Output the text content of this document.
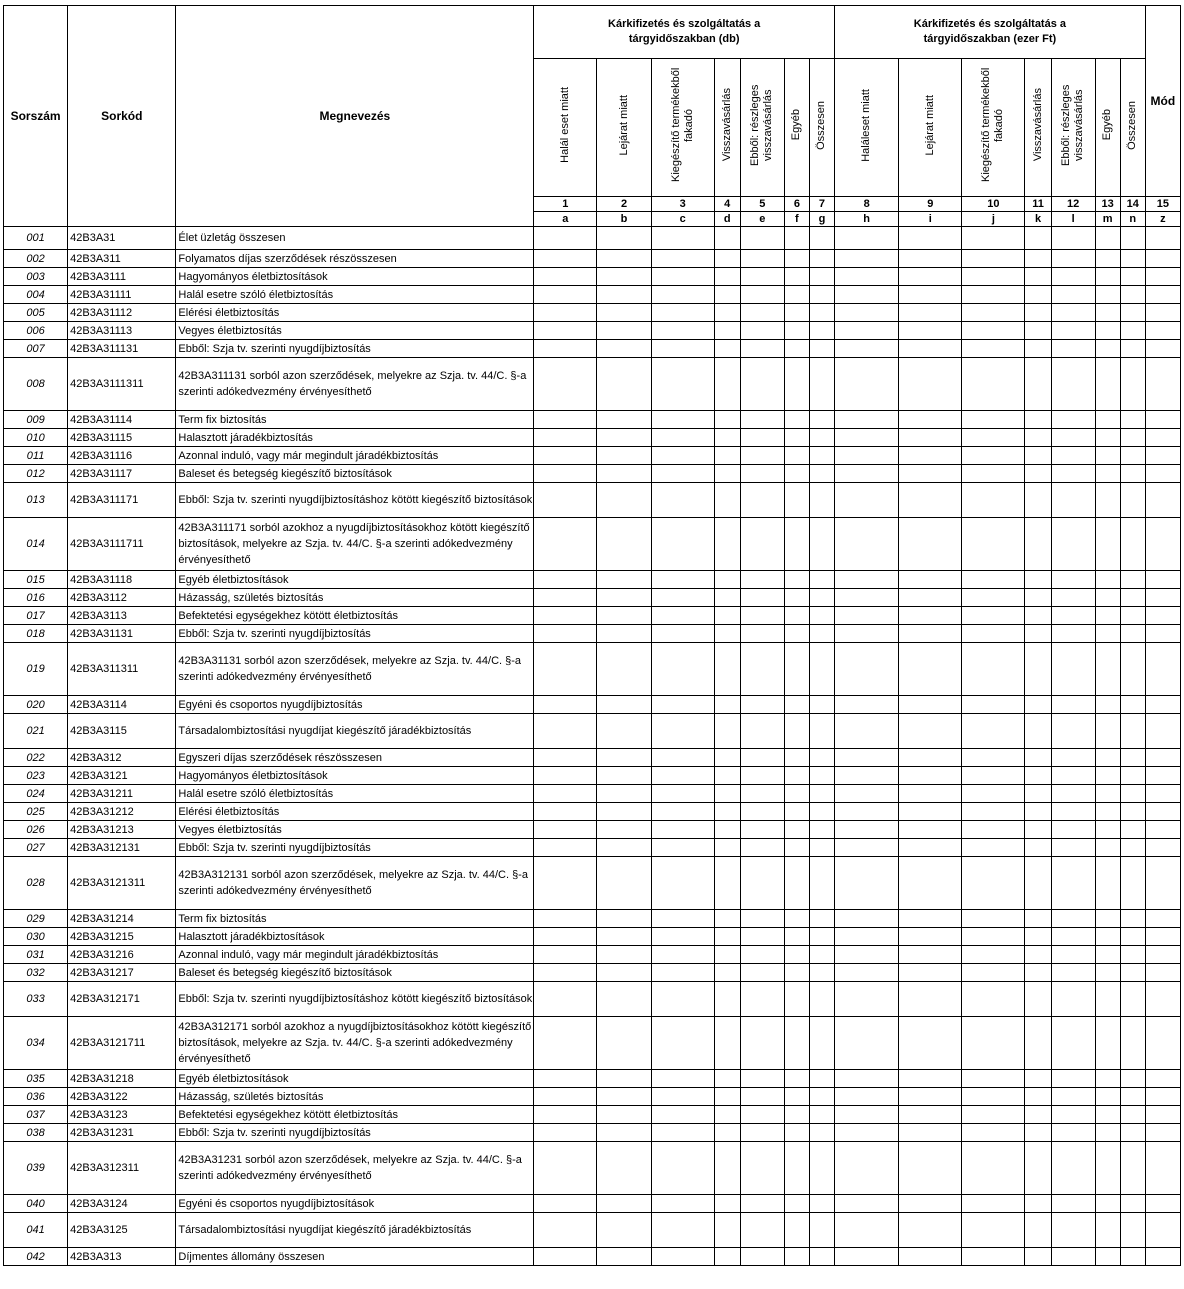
Sorszám	Sorkód	Megnevezés	Kárkifizetés és szolgáltatás a tárgyidőszakban (db)							Kárkifizetés és szolgáltatás a tárgyidőszakban (ezer Ft)							Mód
			Halál eset miatt	Lejárat miatt	Kiegészítő termékekből fakadó	Visszavásárlás	Ebből: részleges visszavásárlás	Egyéb	Összesen	Haláleset miatt	Lejárat miatt	Kiegészítő termékekből fakadó	Visszavásárlás	Ebből: részleges visszavásárlás	Egyéb	Összesen	
			1	2	3	4	5	6	7	8	9	10	11	12	13	14	15
			a	b	c	d	e	f	g	h	i	j	k	l	m	n	z
001	42B3A31	Élet üzletág összesen															
002	42B3A311	Folyamatos díjas szerződések részösszesen															
003	42B3A3111	Hagyományos életbiztosítások															
004	42B3A31111	Halál esetre szóló életbiztosítás															
005	42B3A31112	Elérési életbiztosítás															
006	42B3A31113	Vegyes életbiztosítás															
007	42B3A311131	Ebből: Szja tv. szerinti nyugdíjbiztosítás															
008	42B3A3111311	42B3A311131 sorból azon szerződések, melyekre az Szja. tv. 44/C. §-a szerinti adókedvezmény érvényesíthető															
009	42B3A31114	Term fix biztosítás															
010	42B3A31115	Halasztott járadékbiztosítás															
011	42B3A31116	Azonnal induló, vagy már megindult járadékbiztosítás															
012	42B3A31117	Baleset és betegség kiegészítő biztosítások															
013	42B3A311171	Ebből: Szja tv. szerinti nyugdíjbiztosításhoz kötött kiegészítő biztosítások															
014	42B3A3111711	42B3A311171 sorból azokhoz a nyugdíjbiztosításokhoz kötött kiegészítő biztosítások, melyekre az Szja. tv. 44/C. §-a szerinti adókedvezmény érvényesíthető															
015	42B3A31118	Egyéb életbiztosítások															
016	42B3A3112	Házasság, születés biztosítás															
017	42B3A3113	Befektetési egységekhez kötött életbiztosítás															
018	42B3A31131	Ebből: Szja tv. szerinti nyugdíjbiztosítás															
019	42B3A311311	42B3A31131 sorból azon szerződések, melyekre az Szja. tv. 44/C. §-a szerinti adókedvezmény érvényesíthető															
020	42B3A3114	Egyéni és csoportos nyugdíjbiztosítás															
021	42B3A3115	Társadalombiztosítási nyugdíjat kiegészítő járadékbiztosítás															
022	42B3A312	Egyszeri díjas szerződések részösszesen															
023	42B3A3121	Hagyományos életbiztosítások															
024	42B3A31211	Halál esetre szóló életbiztosítás															
025	42B3A31212	Elérési életbiztosítás															
026	42B3A31213	Vegyes életbiztosítás															
027	42B3A312131	Ebből: Szja tv. szerinti nyugdíjbiztosítás															
028	42B3A3121311	42B3A312131 sorból azon szerződések, melyekre az Szja. tv. 44/C. §-a szerinti adókedvezmény érvényesíthető															
029	42B3A31214	Term fix biztosítás															
030	42B3A31215	Halasztott járadékbiztosítások															
031	42B3A31216	Azonnal induló, vagy már megindult járadékbiztosítás															
032	42B3A31217	Baleset és betegség kiegészítő biztosítások															
033	42B3A312171	Ebből: Szja tv. szerinti nyugdíjbiztosításhoz kötött kiegészítő biztosítások															
034	42B3A3121711	42B3A312171 sorból azokhoz a nyugdíjbiztosításokhoz kötött kiegészítő biztosítások, melyekre az Szja. tv. 44/C. §-a szerinti adókedvezmény érvényesíthető															
035	42B3A31218	Egyéb életbiztosítások															
036	42B3A3122	Házasság, születés biztosítás															
037	42B3A3123	Befektetési egységekhez kötött életbiztosítás															
038	42B3A31231	Ebből: Szja tv. szerinti nyugdíjbiztosítás															
039	42B3A312311	42B3A31231 sorból azon szerződések, melyekre az Szja. tv. 44/C. §-a szerinti adókedvezmény érvényesíthető															
040	42B3A3124	Egyéni és csoportos nyugdíjbiztosítások															
041	42B3A3125	Társadalombiztosítási nyugdíjat kiegészítő járadékbiztosítás															
042	42B3A313	Díjmentes állomány összesen															
